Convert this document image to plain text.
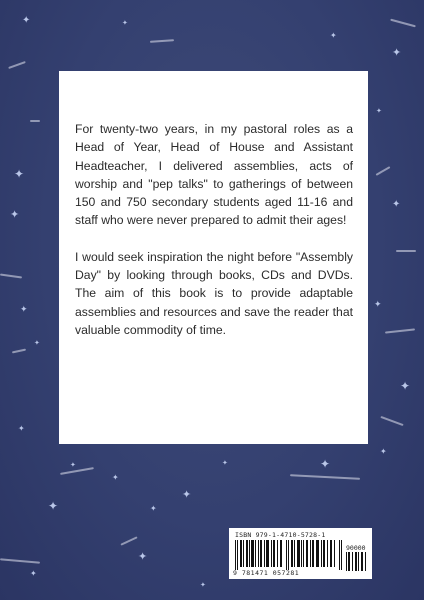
✦	✦
✦
✦
✦
✦
✦
✦
✦
✦
✦
✦
✦
✦
✦
✦
✦
✦
✦
✦
✦
✦
✦
✦

For twenty-two years, in my pastoral roles as a Head of Year, Head of House and Assistant Headteacher, I delivered assemblies, acts of worship and "pep talks" to gatherings of between 150 and 750 secondary students aged 11-16 and staff who were never prepared to admit their ages!

I would seek inspiration the night before "Assembly Day" by looking through books, CDs and DVDs. The aim of this book is to provide adaptable assemblies and resources and save the reader that valuable commodity of time.

ISBN 979-1-4710-5728-1
90000
9 781471 057281
